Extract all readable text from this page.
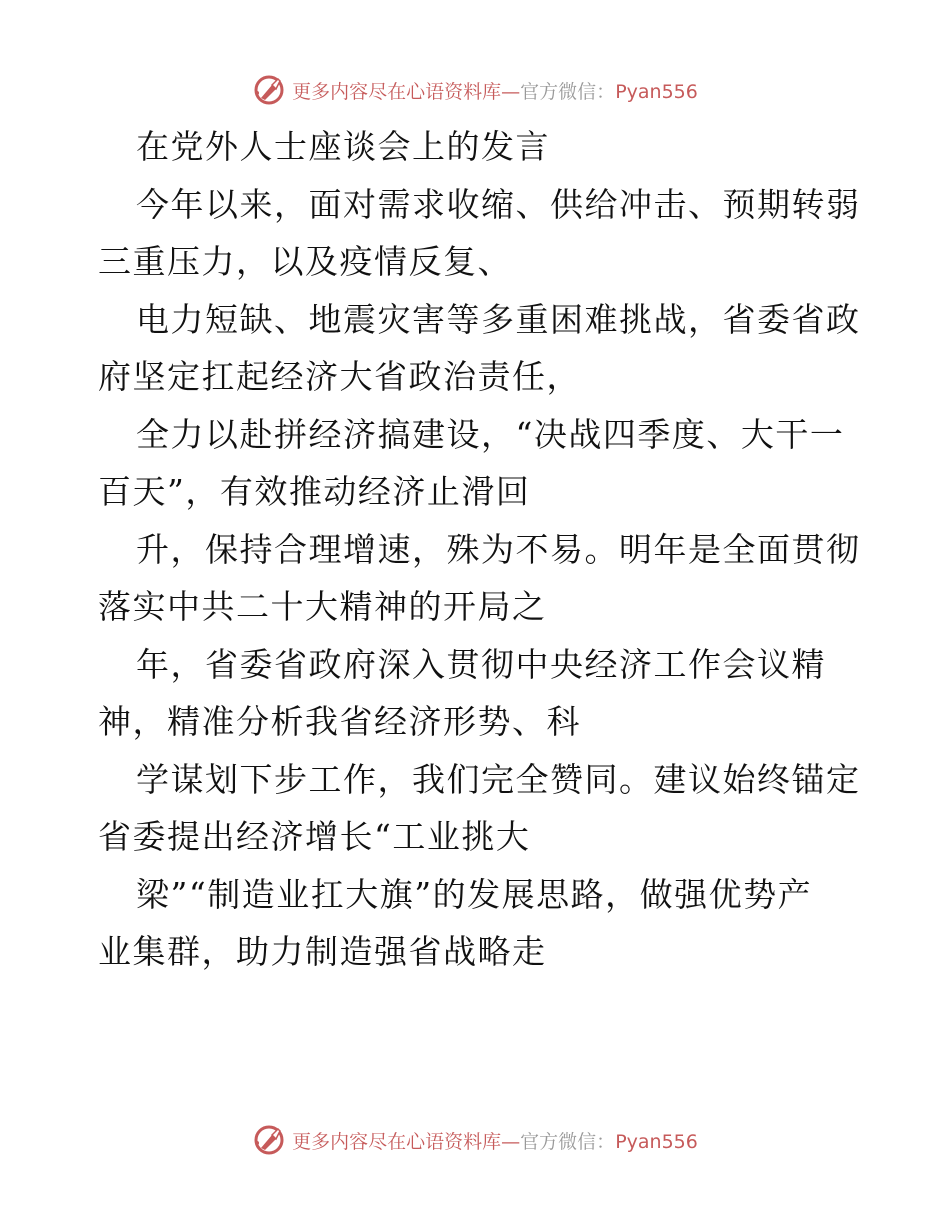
更多内容尽在心语资料库—官方微信：Pyan556
在党外人士座谈会上的发言
今年以来，面对需求收缩、供给冲击、预期转弱
三重压力，以及疫情反复、
电力短缺、地震灾害等多重困难挑战，省委省政
府坚定扛起经济大省政治责任，
全力以赴拼经济搞建设，“决战四季度、大干一
百天”，有效推动经济止滑回
升，保持合理增速，殊为不易。明年是全面贯彻
落实中共二十大精神的开局之
年，省委省政府深入贯彻中央经济工作会议精
神，精准分析我省经济形势、科
学谋划下步工作，我们完全赞同。建议始终锚定
省委提出经济增长“工业挑大
梁”“制造业扛大旗”的发展思路，做强优势产
业集群，助力制造强省战略走
更多内容尽在心语资料库—官方微信：Pyan556
